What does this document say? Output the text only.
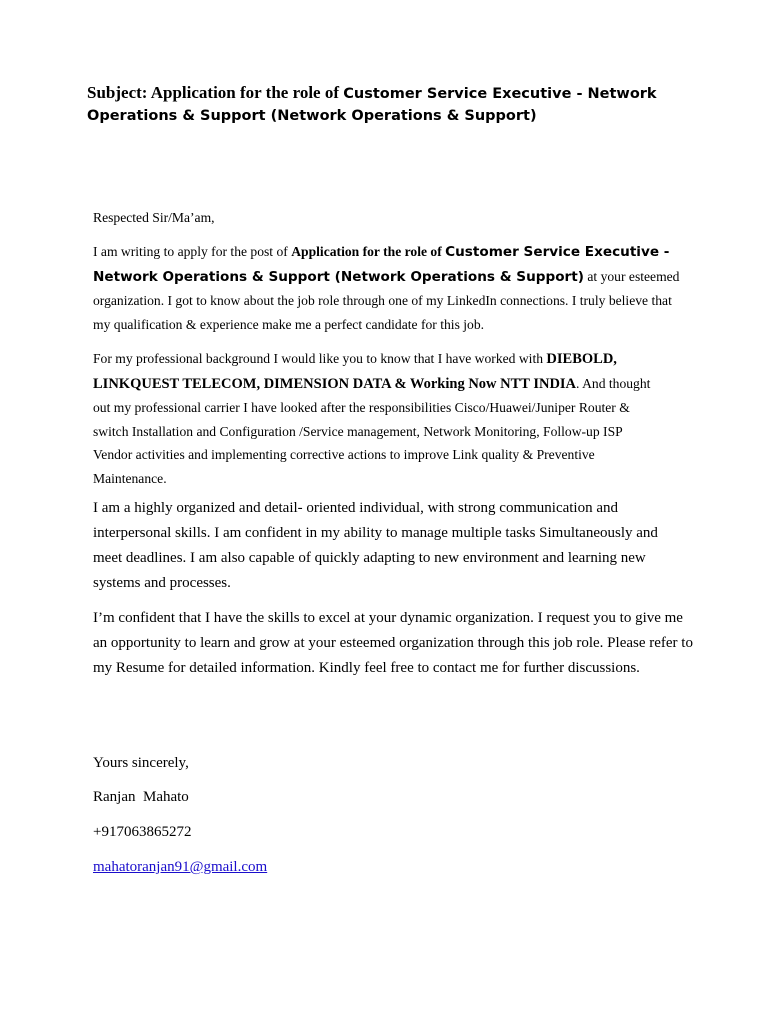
Subject: Application for the role of Customer Service Executive - Network Operations & Support (Network Operations & Support)
Respected Sir/Ma’am,
I am writing to apply for the post of Application for the role of Customer Service Executive - Network Operations & Support (Network Operations & Support) at your esteemed organization. I got to know about the job role through one of my LinkedIn connections. I truly believe that my qualification & experience make me a perfect candidate for this job.
For my professional background I would like you to know that I have worked with DIEBOLD, LINKQUEST TELECOM, DIMENSION DATA & Working Now NTT INDIA. And thought out my professional carrier I have looked after the responsibilities Cisco/Huawei/Juniper Router & switch Installation and Configuration /Service management, Network Monitoring, Follow-up ISP Vendor activities and implementing corrective actions to improve Link quality & Preventive Maintenance.
I am a highly organized and detail- oriented individual, with strong communication and interpersonal skills. I am confident in my ability to manage multiple tasks Simultaneously and meet deadlines. I am also capable of quickly adapting to new environment and learning new systems and processes.
I’m confident that I have the skills to excel at your dynamic organization. I request you to give me an opportunity to learn and grow at your esteemed organization through this job role. Please refer to my Resume for detailed information. Kindly feel free to contact me for further discussions.
Yours sincerely,
Ranjan  Mahato
+917063865272
mahatoranjan91@gmail.com
